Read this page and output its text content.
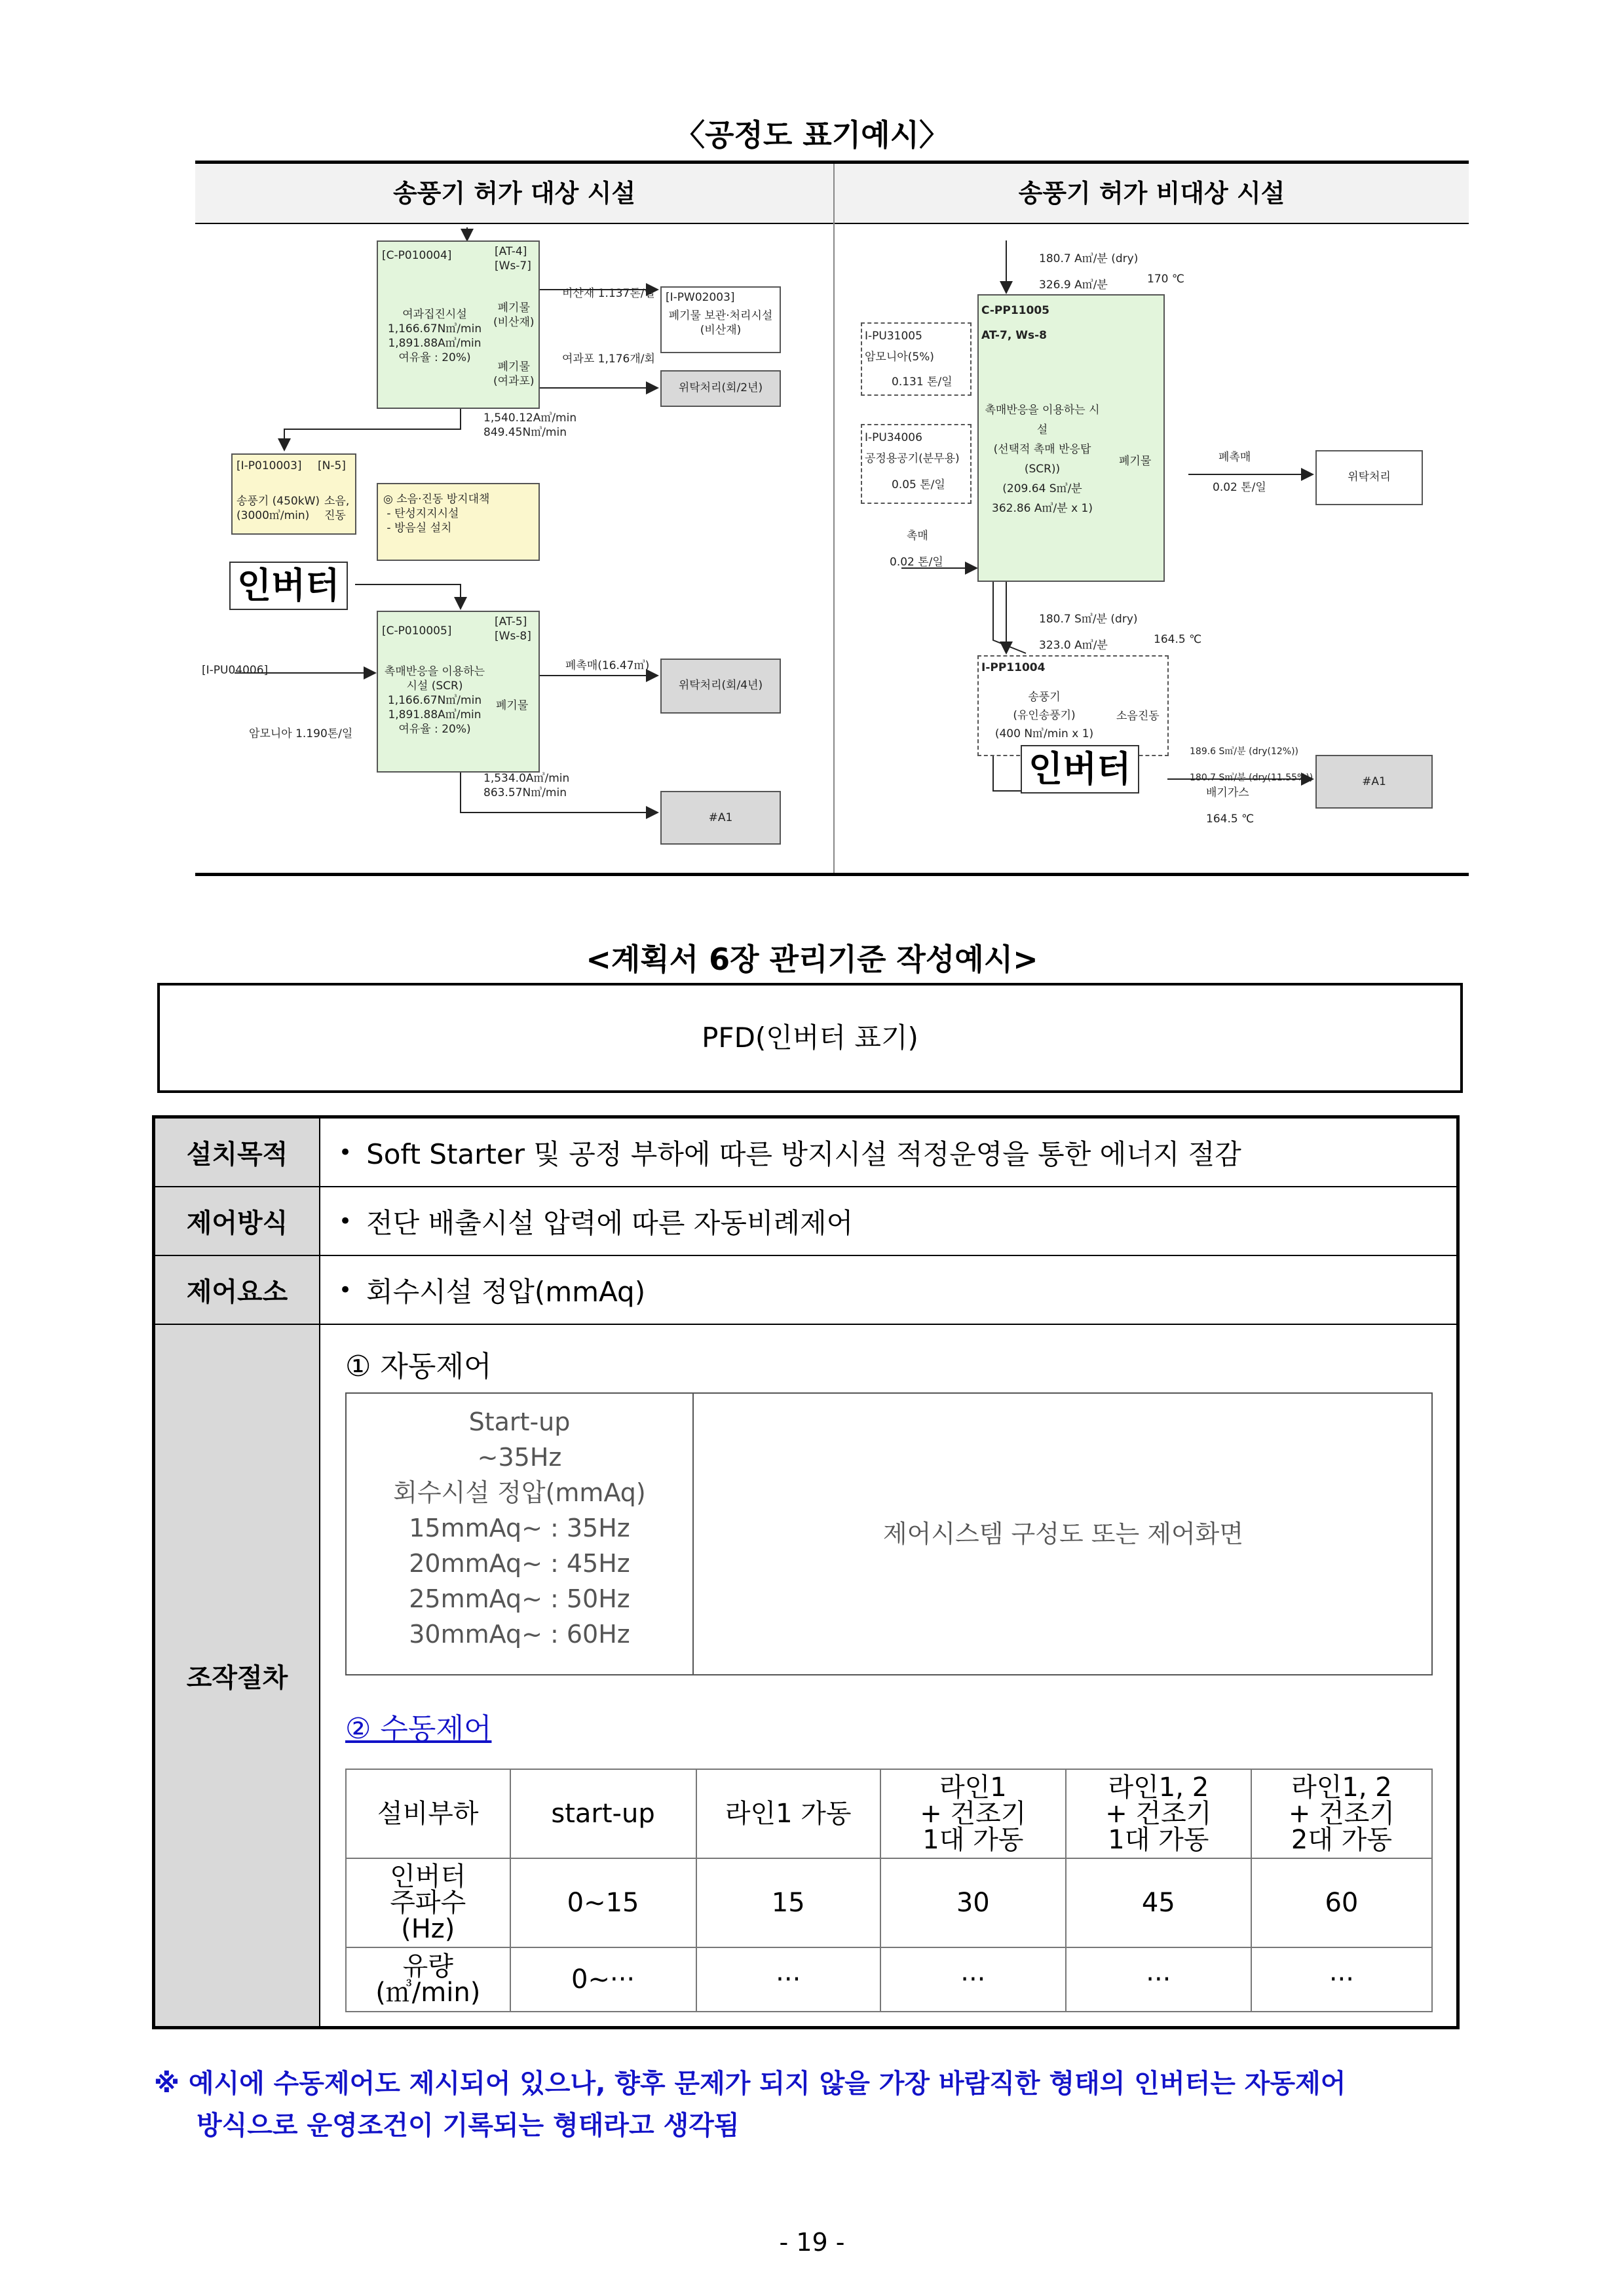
〈공정도 표기예시〉
송풍기 허가 대상 시설	송풍기 허가 비대상 시설
[C-P010004]	[AT-4]
[Ws-7]
여과집진시설
1,166.67N㎥/min
1,891.88A㎥/min
여유율 : 20%)
폐기물
(비산재)
폐기물
(여과포)
비산재 1.137톤/일
여과포 1,176개/회
[I-PW02003]
폐기물 보관·처리시설
(비산재)
위탁처리(회/2년)
1,540.12A㎥/min
849.45N㎥/min
[I-P010003] [N-5]
송풍기 (450kW)
(3000㎥/min)
소음,
진동
◎ 소음·진동 방지대책
- 탄성지지시설
- 방음실 설치
인버터
[C-P010005]
[AT-5]
[Ws-8]
촉매반응을 이용하는
시설 (SCR)
1,166.67N㎥/min
1,891.88A㎥/min
여유율 : 20%)
폐기물
[I-PU04006]
암모니아 1.190톤/일
폐촉매(16.47㎥)
위탁처리(회/4년)
1,534.0A㎥/min
863.57N㎥/min
#A1
180.7 A㎥/분 (dry)
326.9 A㎥/분	170 ℃
C-PP11005
AT-7, Ws-8
촉매반응을 이용하는 시
설
(선택적 촉매 반응탑
(SCR))
(209.64 S㎥/분
362.86 A㎥/분 x 1)
폐기물
I-PU31005
암모니아(5%)
0.131 톤/일
I-PU34006
공정용공기(분무용)
0.05 톤/일
촉매
0.02 톤/일
폐촉매
0.02 톤/일
위탁처리
180.7 S㎥/분 (dry)
323.0 A㎥/분	164.5 ℃
I-PP11004
송풍기
(유인송풍기)
(400 N㎥/min x 1)
소음진동
인버터	189.6 S㎥/분 (dry(12%))
180.7 S㎥/분 (dry(11.55%))
배기가스
164.5 ℃
#A1
<계획서 6장 관리기준 작성예시>
PFD(인버터 표기)
설치목적	• Soft Starter 및 공정 부하에 따른 방지시설 적정운영을 통한 에너지 절감
제어방식	• 전단 배출시설 압력에 따른 자동비례제어
제어요소	• 회수시설 정압(mmAq)
조작절차
① 자동제어
Start-up
~35Hz
회수시설 정압(mmAq)
15mmAq~ : 35Hz
20mmAq~ : 45Hz
25mmAq~ : 50Hz
30mmAq~ : 60Hz
제어시스템 구성도 또는 제어화면
② 수동제어
설비부하	start-up	라인1 가동	라인1
+ 건조기
1대 가동	라인1, 2
+ 건조기
1대 가동	라인1, 2
+ 건조기
2대 가동
인버터
주파수
(Hz)	0~15	15	30	45	60
유량
(㎥/min)	0~···	···	···	···	···
※ 예시에 수동제어도 제시되어 있으나, 향후 문제가 되지 않을 가장 바람직한 형태의 인버터는 자동제어
방식으로 운영조건이 기록되는 형태라고 생각됨
- 19 -
